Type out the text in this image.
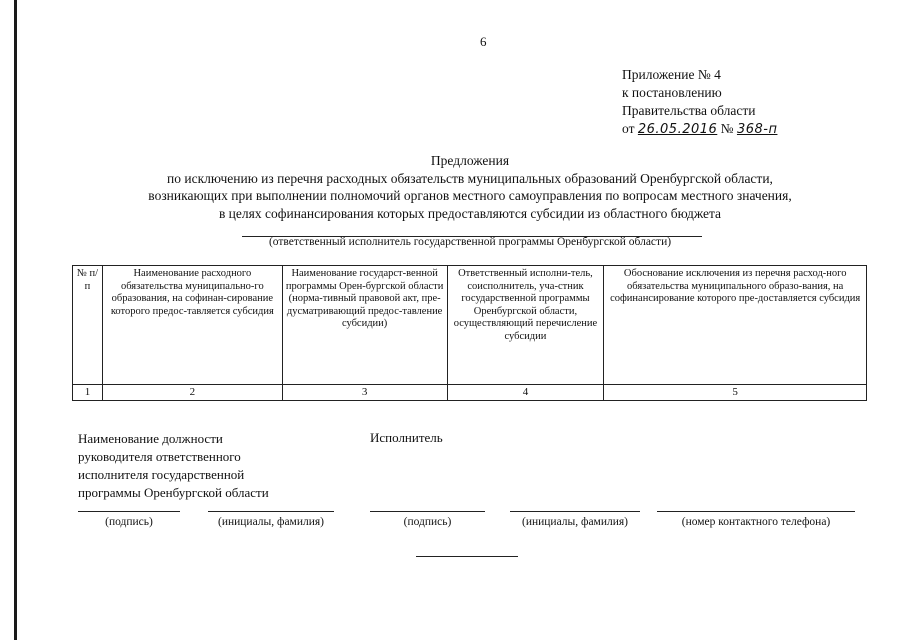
6
Приложение № 4
к постановлению
Правительства области
от 26.05.2016 № 368-п
Предложения
по исключению из перечня расходных обязательств муниципальных образований Оренбургской области,
возникающих при выполнении полномочий органов местного самоуправления по вопросам местного значения,
в целях софинансирования которых предоставляются субсидии из областного бюджета
(ответственный исполнитель государственной программы Оренбургской области)
№ п/п	Наименование расходного обязательства муниципально-го образования, на софинан-сирование которого предос-тавляется субсидия	Наименование государст-венной программы Орен-бургской области (норма-тивный правовой акт, пре-дусматривающий предос-тавление субсидии)	Ответственный исполни-тель, соисполнитель, уча-стник государственной программы Оренбургской области, осуществляющий перечисление субсидии	Обоснование исключения из перечня расход-ного обязательства муниципального образо-вания, на софинансирование которого пре-доставляется субсидия
1	2	3	4	5
Наименование должности
руководителя ответственного
исполнителя государственной
программы Оренбургской области
Исполнитель
(подпись)	(инициалы, фамилия)	(подпись)	(инициалы, фамилия)	(номер контактного телефона)
